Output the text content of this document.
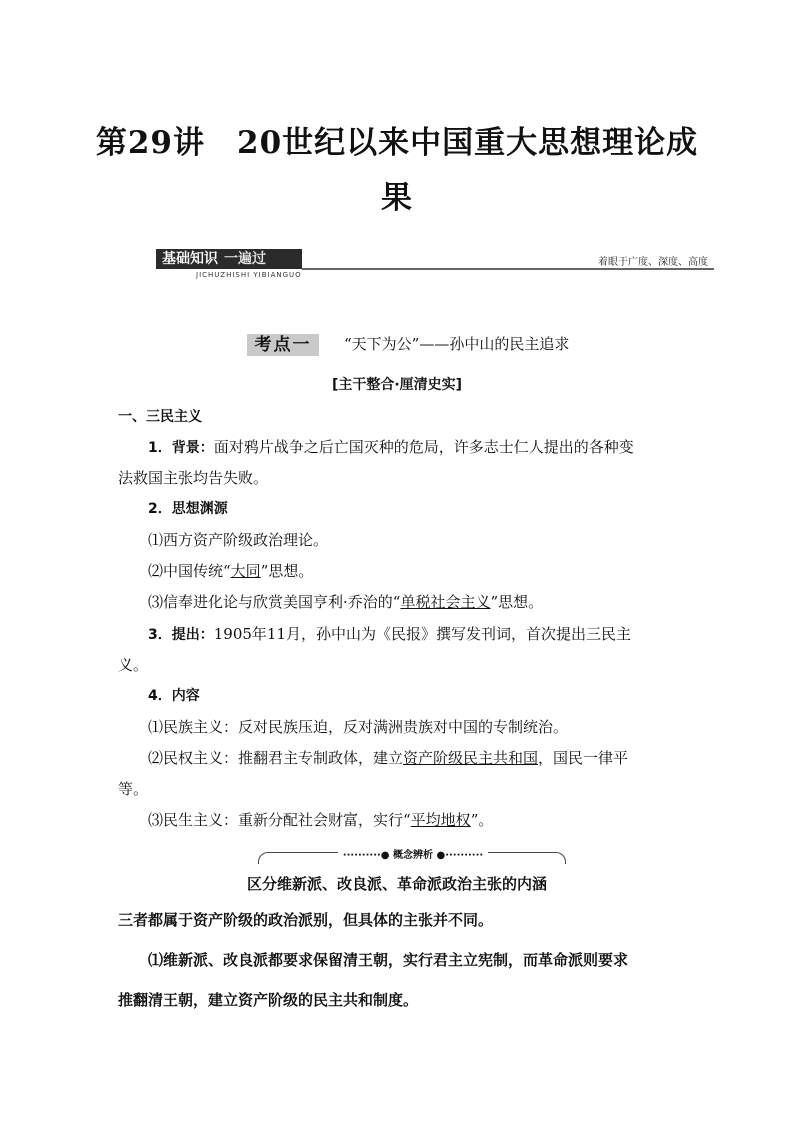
第29讲　20世纪以来中国重大思想理论成
果
基础知识 一遍过
JICHUZHISHI YIBIANGUO
着眼于广度、深度、高度
考点一	“天下为公”——孙中山的民主追求
[主干整合·厘清史实]
一、三民主义
1．背景：面对鸦片战争之后亡国灭种的危局，许多志士仁人提出的各种变
法救国主张均告失败。
2．思想渊源
⑴西方资产阶级政治理论。
⑵中国传统“大同”思想。
⑶信奉进化论与欣赏美国亨利·乔治的“单税社会主义”思想。
3．提出：1905年11月，孙中山为《民报》撰写发刊词，首次提出三民主
义。
4．内容
⑴民族主义：反对民族压迫，反对满洲贵族对中国的专制统治。
⑵民权主义：推翻君主专制政体，建立资产阶级民主共和国，国民一律平
等。
⑶民生主义：重新分配社会财富，实行“平均地权”。
··········● 概念辨析 ●··········
区分维新派、改良派、革命派政治主张的内涵
三者都属于资产阶级的政治派别，但具体的主张并不同。
⑴维新派、改良派都要求保留清王朝，实行君主立宪制，而革命派则要求
推翻清王朝，建立资产阶级的民主共和制度。
